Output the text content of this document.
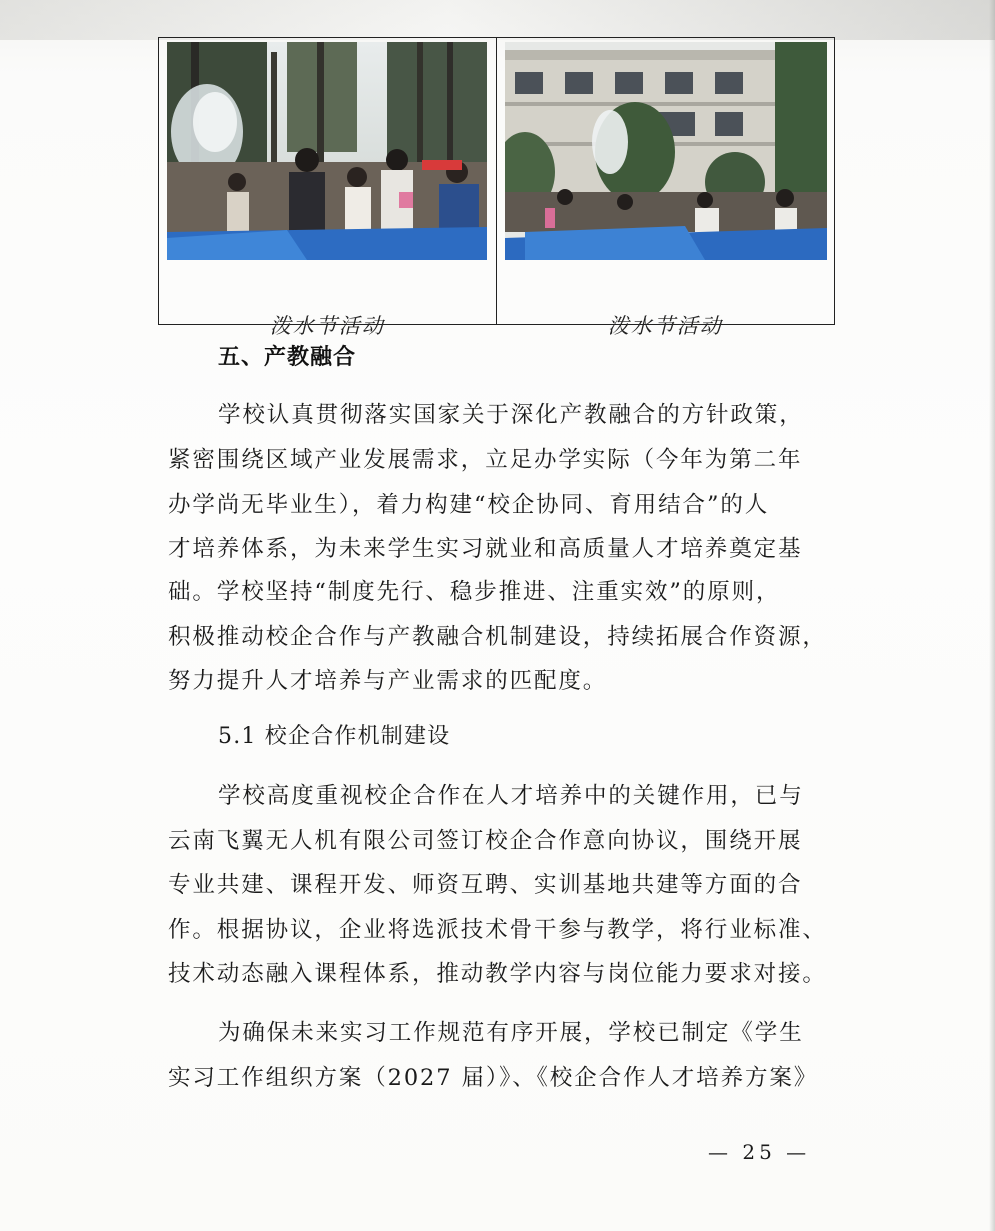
泼水节活动	泼水节活动
五、产教融合
学校认真贯彻落实国家关于深化产教融合的方针政策，
紧密围绕区域产业发展需求，立足办学实际（今年为第二年
办学尚无毕业生），着力构建“校企协同、育用结合”的人
才培养体系，为未来学生实习就业和高质量人才培养奠定基
础。学校坚持“制度先行、稳步推进、注重实效”的原则，
积极推动校企合作与产教融合机制建设，持续拓展合作资源，
努力提升人才培养与产业需求的匹配度。
5.1 校企合作机制建设
学校高度重视校企合作在人才培养中的关键作用，已与
云南飞翼无人机有限公司签订校企合作意向协议，围绕开展
专业共建、课程开发、师资互聘、实训基地共建等方面的合
作。根据协议，企业将选派技术骨干参与教学，将行业标准、
技术动态融入课程体系，推动教学内容与岗位能力要求对接。
为确保未来实习工作规范有序开展，学校已制定《学生
实习工作组织方案（2027 届）》、《校企合作人才培养方案》
— 25 —
